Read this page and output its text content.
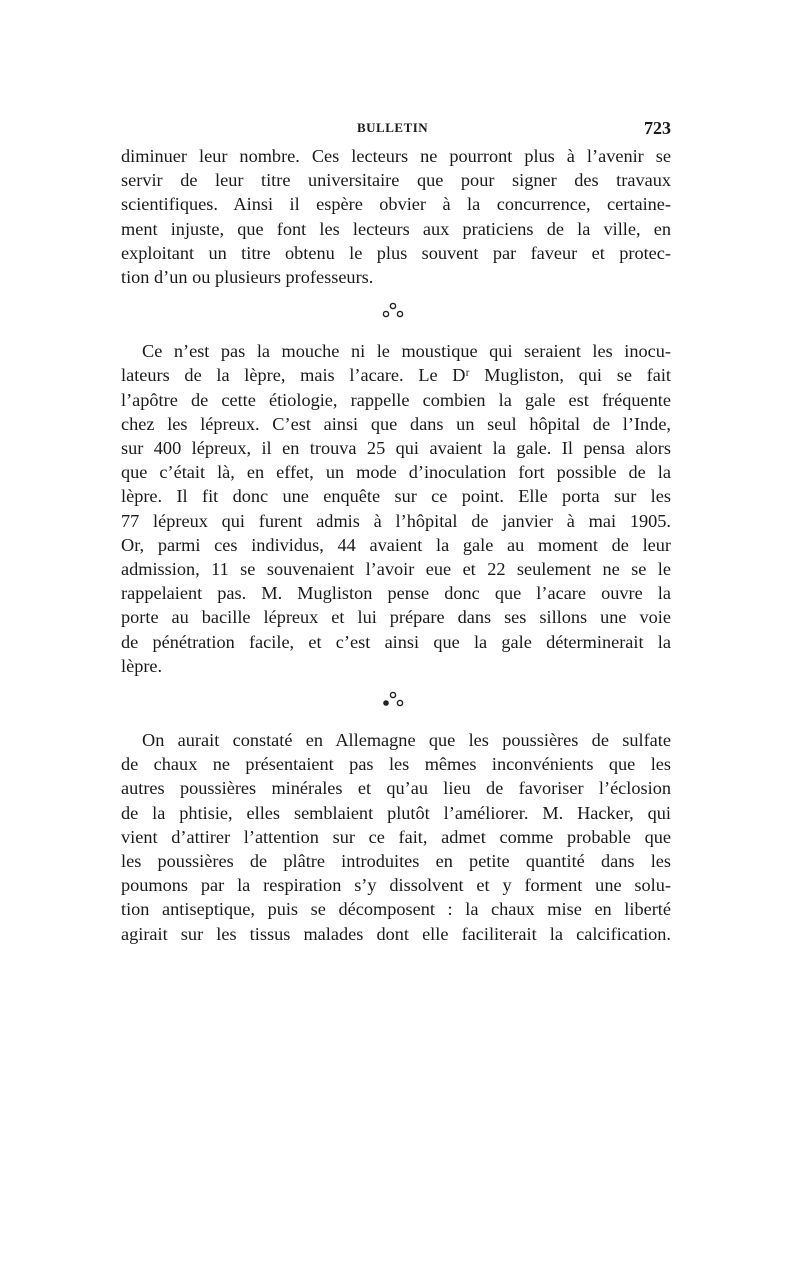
BULLETIN	723

diminuer leur nombre. Ces lecteurs ne pourront plus à l’avenir se
servir de leur titre universitaire que pour signer des travaux
scientifiques. Ainsi il espère obvier à la concurrence, certaine-
ment injuste, que font les lecteurs aux praticiens de la ville, en
exploitant un titre obtenu le plus souvent par faveur et protec-
tion d’un ou plusieurs professeurs.

Ce n’est pas la mouche ni le moustique qui seraient les inocu-
lateurs de la lèpre, mais l’acare. Le Dʳ Mugliston, qui se fait
l’apôtre de cette étiologie, rappelle combien la gale est fréquente
chez les lépreux. C’est ainsi que dans un seul hôpital de l’Inde,
sur 400 lépreux, il en trouva 25 qui avaient la gale. Il pensa alors
que c’était là, en effet, un mode d’inoculation fort possible de la
lèpre. Il fit donc une enquête sur ce point. Elle porta sur les
77 lépreux qui furent admis à l’hôpital de janvier à mai 1905.
Or, parmi ces individus, 44 avaient la gale au moment de leur
admission, 11 se souvenaient l’avoir eue et 22 seulement ne se le
rappelaient pas. M. Mugliston pense donc que l’acare ouvre la
porte au bacille lépreux et lui prépare dans ses sillons une voie
de pénétration facile, et c’est ainsi que la gale déterminerait la
lèpre.

On aurait constaté en Allemagne que les poussières de sulfate
de chaux ne présentaient pas les mêmes inconvénients que les
autres poussières minérales et qu’au lieu de favoriser l’éclosion
de la phtisie, elles semblaient plutôt l’améliorer. M. Hacker, qui
vient d’attirer l’attention sur ce fait, admet comme probable que
les poussières de plâtre introduites en petite quantité dans les
poumons par la respiration s’y dissolvent et y forment une solu-
tion antiseptique, puis se décomposent : la chaux mise en liberté
agirait sur les tissus malades dont elle faciliterait la calcification.
